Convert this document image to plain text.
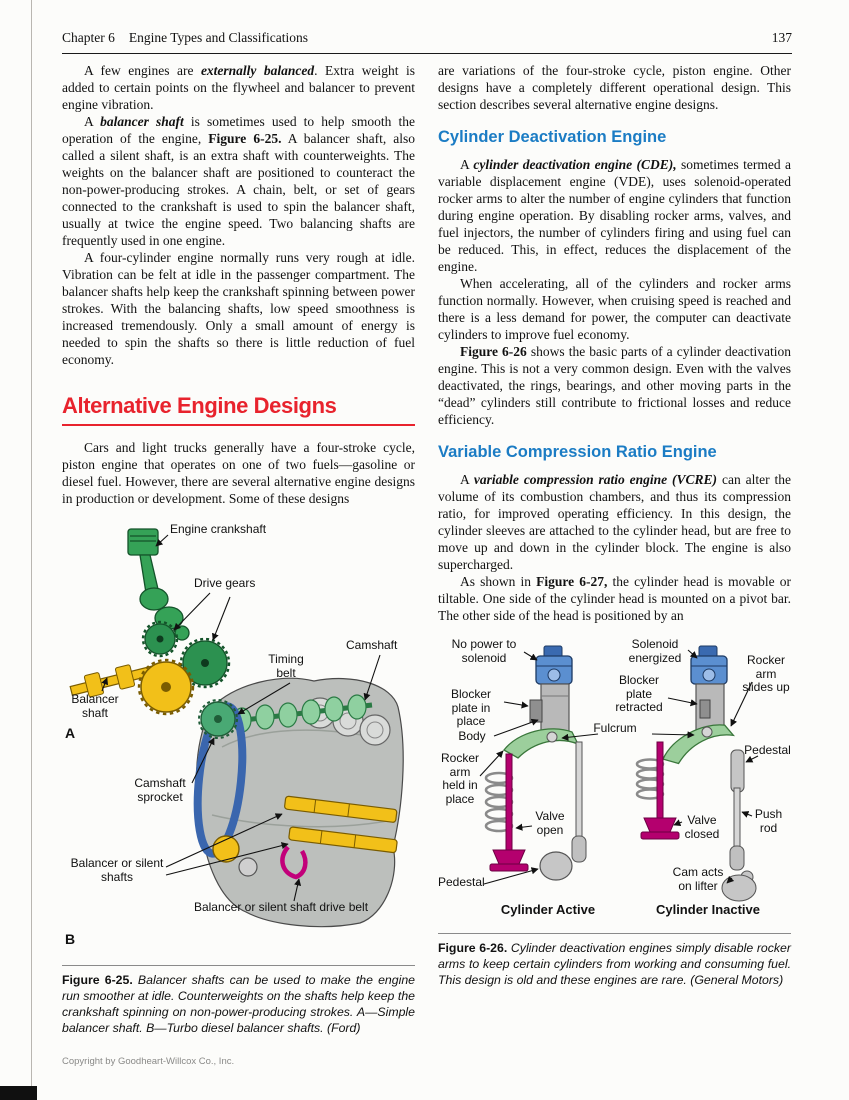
Chapter 6 Engine Types and Classifications	137

A few engines are externally balanced. Extra weight is added to certain points on the flywheel and balancer to prevent engine vibration.

A balancer shaft is sometimes used to help smooth the operation of the engine, Figure 6-25. A balancer shaft, also called a silent shaft, is an extra shaft with counterweights. The weights on the balancer shaft are positioned to counteract the non-power-producing strokes. A chain, belt, or set of gears connected to the crankshaft is used to spin the balancer shaft, usually at twice the engine speed. Two balancing shafts are frequently used in one engine.

A four-cylinder engine normally runs very rough at idle. Vibration can be felt at idle in the passenger compartment. The balancer shafts help keep the crankshaft spinning between power strokes. With the balancing shafts, low speed smoothness is increased tremendously. Only a small amount of energy is needed to spin the shafts so there is little reduction of fuel economy.

Alternative Engine Designs

Cars and light trucks generally have a four-stroke cycle, piston engine that operates on one of two fuels—gasoline or diesel fuel. However, there are several alternative engine designs in production or development. Some of these designs

Engine crankshaft
Drive gears
Timing belt
Camshaft
Balancer shaft
A
Camshaft sprocket
Balancer or silent shafts
Balancer or silent shaft drive belt
B
Figure 6-25. Balancer shafts can be used to make the engine run smoother at idle. Counterweights on the shafts help keep the crankshaft spinning on non-power-producing strokes. A—Simple balancer shaft. B—Turbo diesel balancer shafts. (Ford)

are variations of the four-stroke cycle, piston engine. Other designs have a completely different operational design. This section describes several alternative engine designs.

Cylinder Deactivation Engine

A cylinder deactivation engine (CDE), sometimes termed a variable displacement engine (VDE), uses solenoid-operated rocker arms to alter the number of engine cylinders that function during engine operation. By disabling rocker arms, valves, and fuel injectors, the number of cylinders firing and using fuel can be reduced. This, in effect, reduces the displacement of the engine.

When accelerating, all of the cylinders and rocker arms function normally. However, when cruising speed is reached and there is a less demand for power, the computer can deactivate cylinders to improve fuel economy.

Figure 6-26 shows the basic parts of a cylinder deactivation engine. This is not a very common design. Even with the valves deactivated, the rings, bearings, and other moving parts in the “dead” cylinders still contribute to frictional losses and reduce efficiency.

Variable Compression Ratio Engine

A variable compression ratio engine (VCRE) can alter the volume of its combustion chambers, and thus its compression ratio, for improved operating efficiency. In this design, the cylinder sleeves are attached to the cylinder head, but are free to move up and down in the cylinder block. The engine is also supercharged.

As shown in Figure 6-27, the cylinder head is movable or tiltable. One side of the cylinder head is mounted on a pivot bar. The other side of the head is positioned by an

No power to solenoid
Solenoid energized	Rocker arm slides up
Blocker plate in place
Blocker plate retracted
Body
Fulcrum
Rocker arm held in place
Valve open
Pedestal
Push rod
Valve closed
Pedestal
Cam acts on lifter
Cylinder Active	Cylinder Inactive
Figure 6-26. Cylinder deactivation engines simply disable rocker arms to keep certain cylinders from working and consuming fuel. This design is old and these engines are rare. (General Motors)
Copyright by Goodheart-Willcox Co., Inc.
